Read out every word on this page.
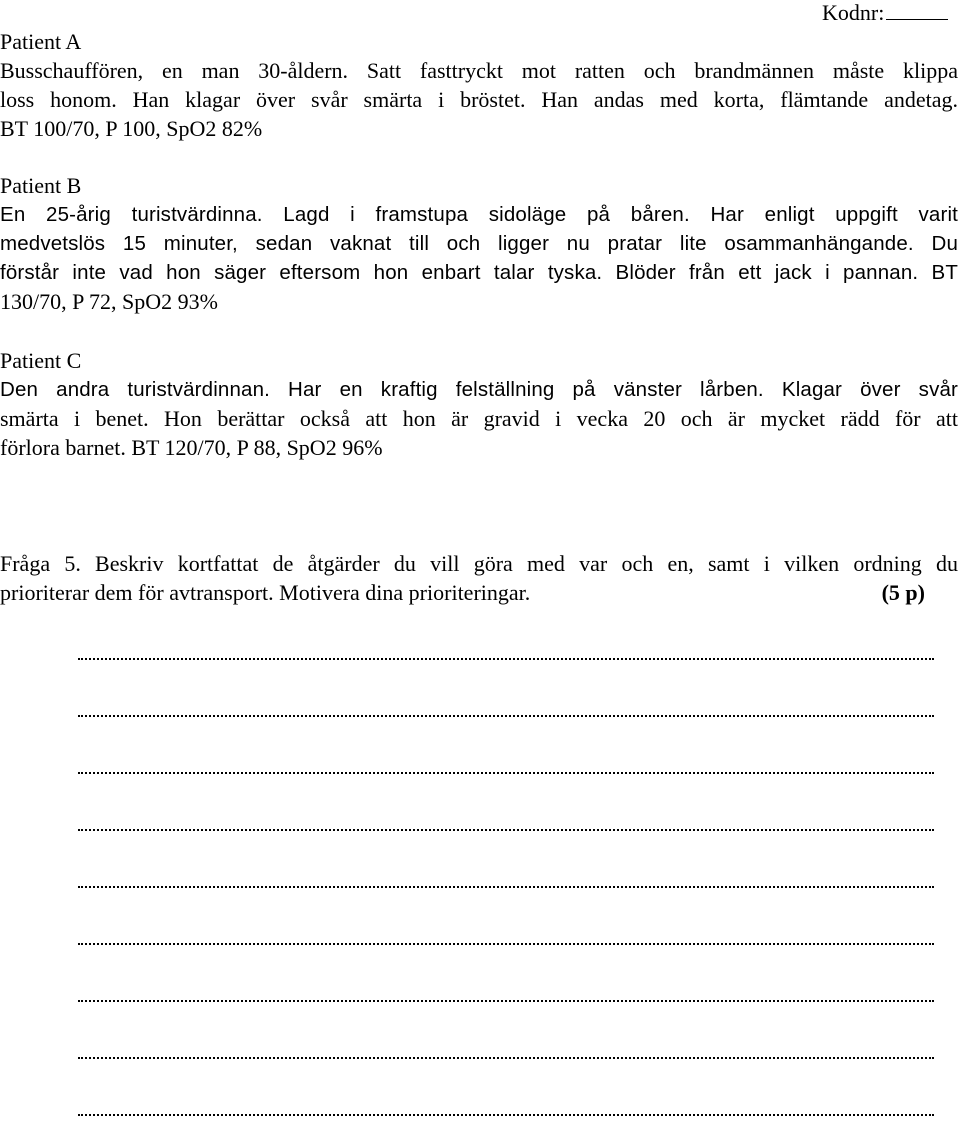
Kodnr:
Patient A
Busschauffören, en man 30-åldern. Satt fasttryckt mot ratten och brandmännen måste klippa
loss honom. Han klagar över svår smärta i bröstet. Han andas med korta, flämtande andetag.
BT 100/70, P 100, SpO2 82%
Patient B
En 25-årig turistvärdinna. Lagd i framstupa sidoläge på båren. Har enligt uppgift varit
medvetslös 15 minuter, sedan vaknat till och ligger nu pratar lite osammanhängande. Du
förstår inte vad hon säger eftersom hon enbart talar tyska. Blöder från ett jack i pannan. BT
130/70, P 72, SpO2 93%
Patient C
Den andra turistvärdinnan. Har en kraftig felställning på vänster lårben. Klagar över svår
smärta i benet. Hon berättar också att hon är gravid i vecka 20 och är mycket rädd för att
förlora barnet. BT 120/70, P 88, SpO2 96%
Fråga 5. Beskriv kortfattat de åtgärder du vill göra med var och en, samt i vilken ordning du
prioriterar dem för avtransport. Motivera dina prioriteringar.	(5 p)
